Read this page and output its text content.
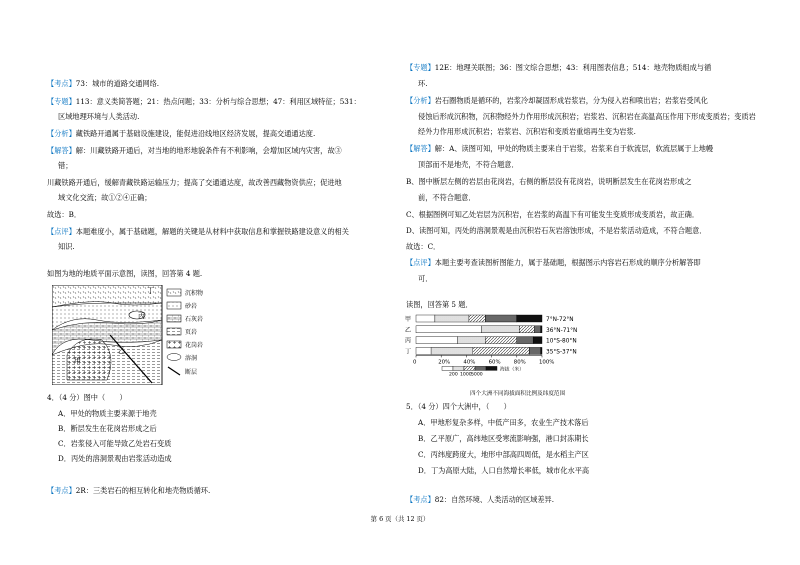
【考点】73：城市的道路交通网络.
【专题】113：意义类简答题；21：热点问题；33：分析与综合思想；47：利用区域特征；531：
区域地理环境与人类活动.
【分析】藏铁路开通属于基础设施建设，能促进沿线地区经济发展，提高交通通达度.
【解答】解：川藏铁路开通后，对当地的地形地貌条件有不利影响，会增加区域内灾害，故③
错；
川藏铁路开通后，缓解青藏铁路运输压力；提高了交通通达度，故改善西藏物资供应；促进地
域文化交流；故①②④正确；
故选：B．
【点评】本题难度小，属于基础题，解题的关键是从材料中获取信息和掌握铁路建设意义的相关
知识.
如图为地的地质平面示意图，读图，回答第 4 题.
丙
甲
乙
丁	沉积物
砂岩
石灰岩
页岩
花岗岩
溶洞
断层
4．（4 分）图中（　　）
A．甲处的物质主要来源于地壳
B．断层发生在花岗岩形成之后
C．岩浆侵入可能导致乙处岩石变质
D．丙处的溶洞景观由岩浆活动造成
【考点】2R：三类岩石的相互转化和地壳物质循环.
【专题】12E：地理关联图；36：图文综合思想；43：利用图表信息；514：地壳物质组成与循
环.
【分析】岩石圈物质是循环的，岩浆冷却凝固形成岩浆岩，分为侵入岩和喷出岩；岩浆岩受风化
侵蚀后形成沉积物，沉积物经外力作用形成沉积岩；岩浆岩、沉积岩在高温高压作用下形成变质岩；变质岩
经外力作用形成沉积岩；岩浆岩、沉积岩和变质岩重熔再生变为岩浆.
【解答】解：A、读图可知，甲处的物质主要来自于岩浆，岩浆来自于软流层，软流层属于上地幔
顶部而不是地壳，不符合题意．
B、图中断层左侧的岩层由花岗岩，右侧的断层没有花岗岩，说明断层发生在花岗岩形成之
前，不符合题意．
C、根据图例可知乙处岩层为沉积岩，在岩浆的高温下有可能发生变质形成变质岩，故正确．
D、读图可知，丙处的溶洞景观是由沉积岩石灰岩溶蚀形成，不是岩浆活动造成，不符合题意．
故选：C．
【点评】本题主要考查读图析图能力，属于基础题，根据图示内容岩石形成的顺序分析解答即
可．
读图，回答第 5 题．
甲	7°N-72°N
乙	36°N-71°N
丙	10°S-80°N
丁	35°S-37°N
0	20% 40% 60% 80% 100%
200 1000 5000
海拔（米）
四个大洲不同海拔面积比例及纬度范围
5．（4 分）四个大洲中，（　　）
A．甲地形复杂多样，中低产田多，农业生产技术落后
B．乙平原广，高纬地区受寒流影响强，港口封冻期长
C．丙纬度跨度大，地形中部高四周低，是水稻主产区
D．丁为高原大陆，人口自然增长率低，城市化水平高
【考点】82：自然环境、人类活动的区域差异.
第 6 页（共 12 页）
